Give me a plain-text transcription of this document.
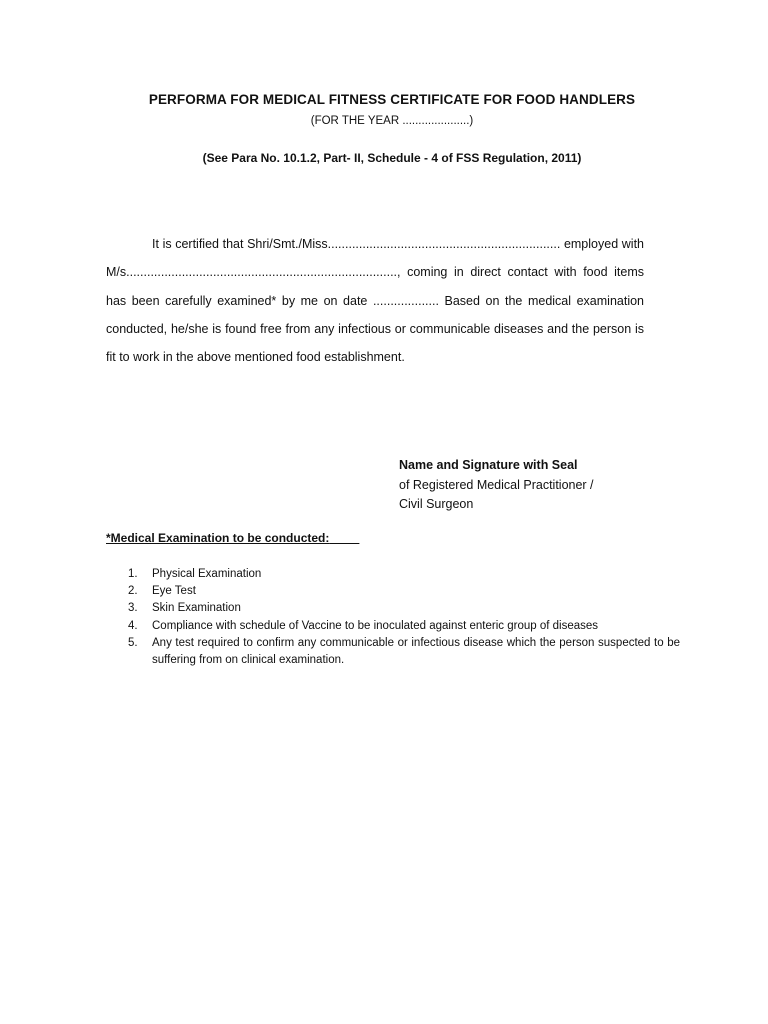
PERFORMA FOR MEDICAL FITNESS CERTIFICATE FOR FOOD HANDLERS
(FOR THE YEAR .....................)
(See Para No. 10.1.2, Part- II, Schedule - 4 of FSS Regulation, 2011)
It is certified that Shri/Smt./Miss................................................................... employed with M/s.............................................................................., coming in direct contact with food items has been carefully examined* by me on date ................... Based on the medical examination conducted, he/she is found free from any infectious or communicable diseases and the person is fit to work in the above mentioned food establishment.
Name and Signature with Seal
of Registered Medical Practitioner /
Civil Surgeon
*Medical Examination to be conducted:
1. Physical Examination
2. Eye Test
3. Skin Examination
4. Compliance with schedule of Vaccine to be inoculated against enteric group of diseases
5. Any test required to confirm any communicable or infectious disease which the person suspected to be suffering from on clinical examination.
